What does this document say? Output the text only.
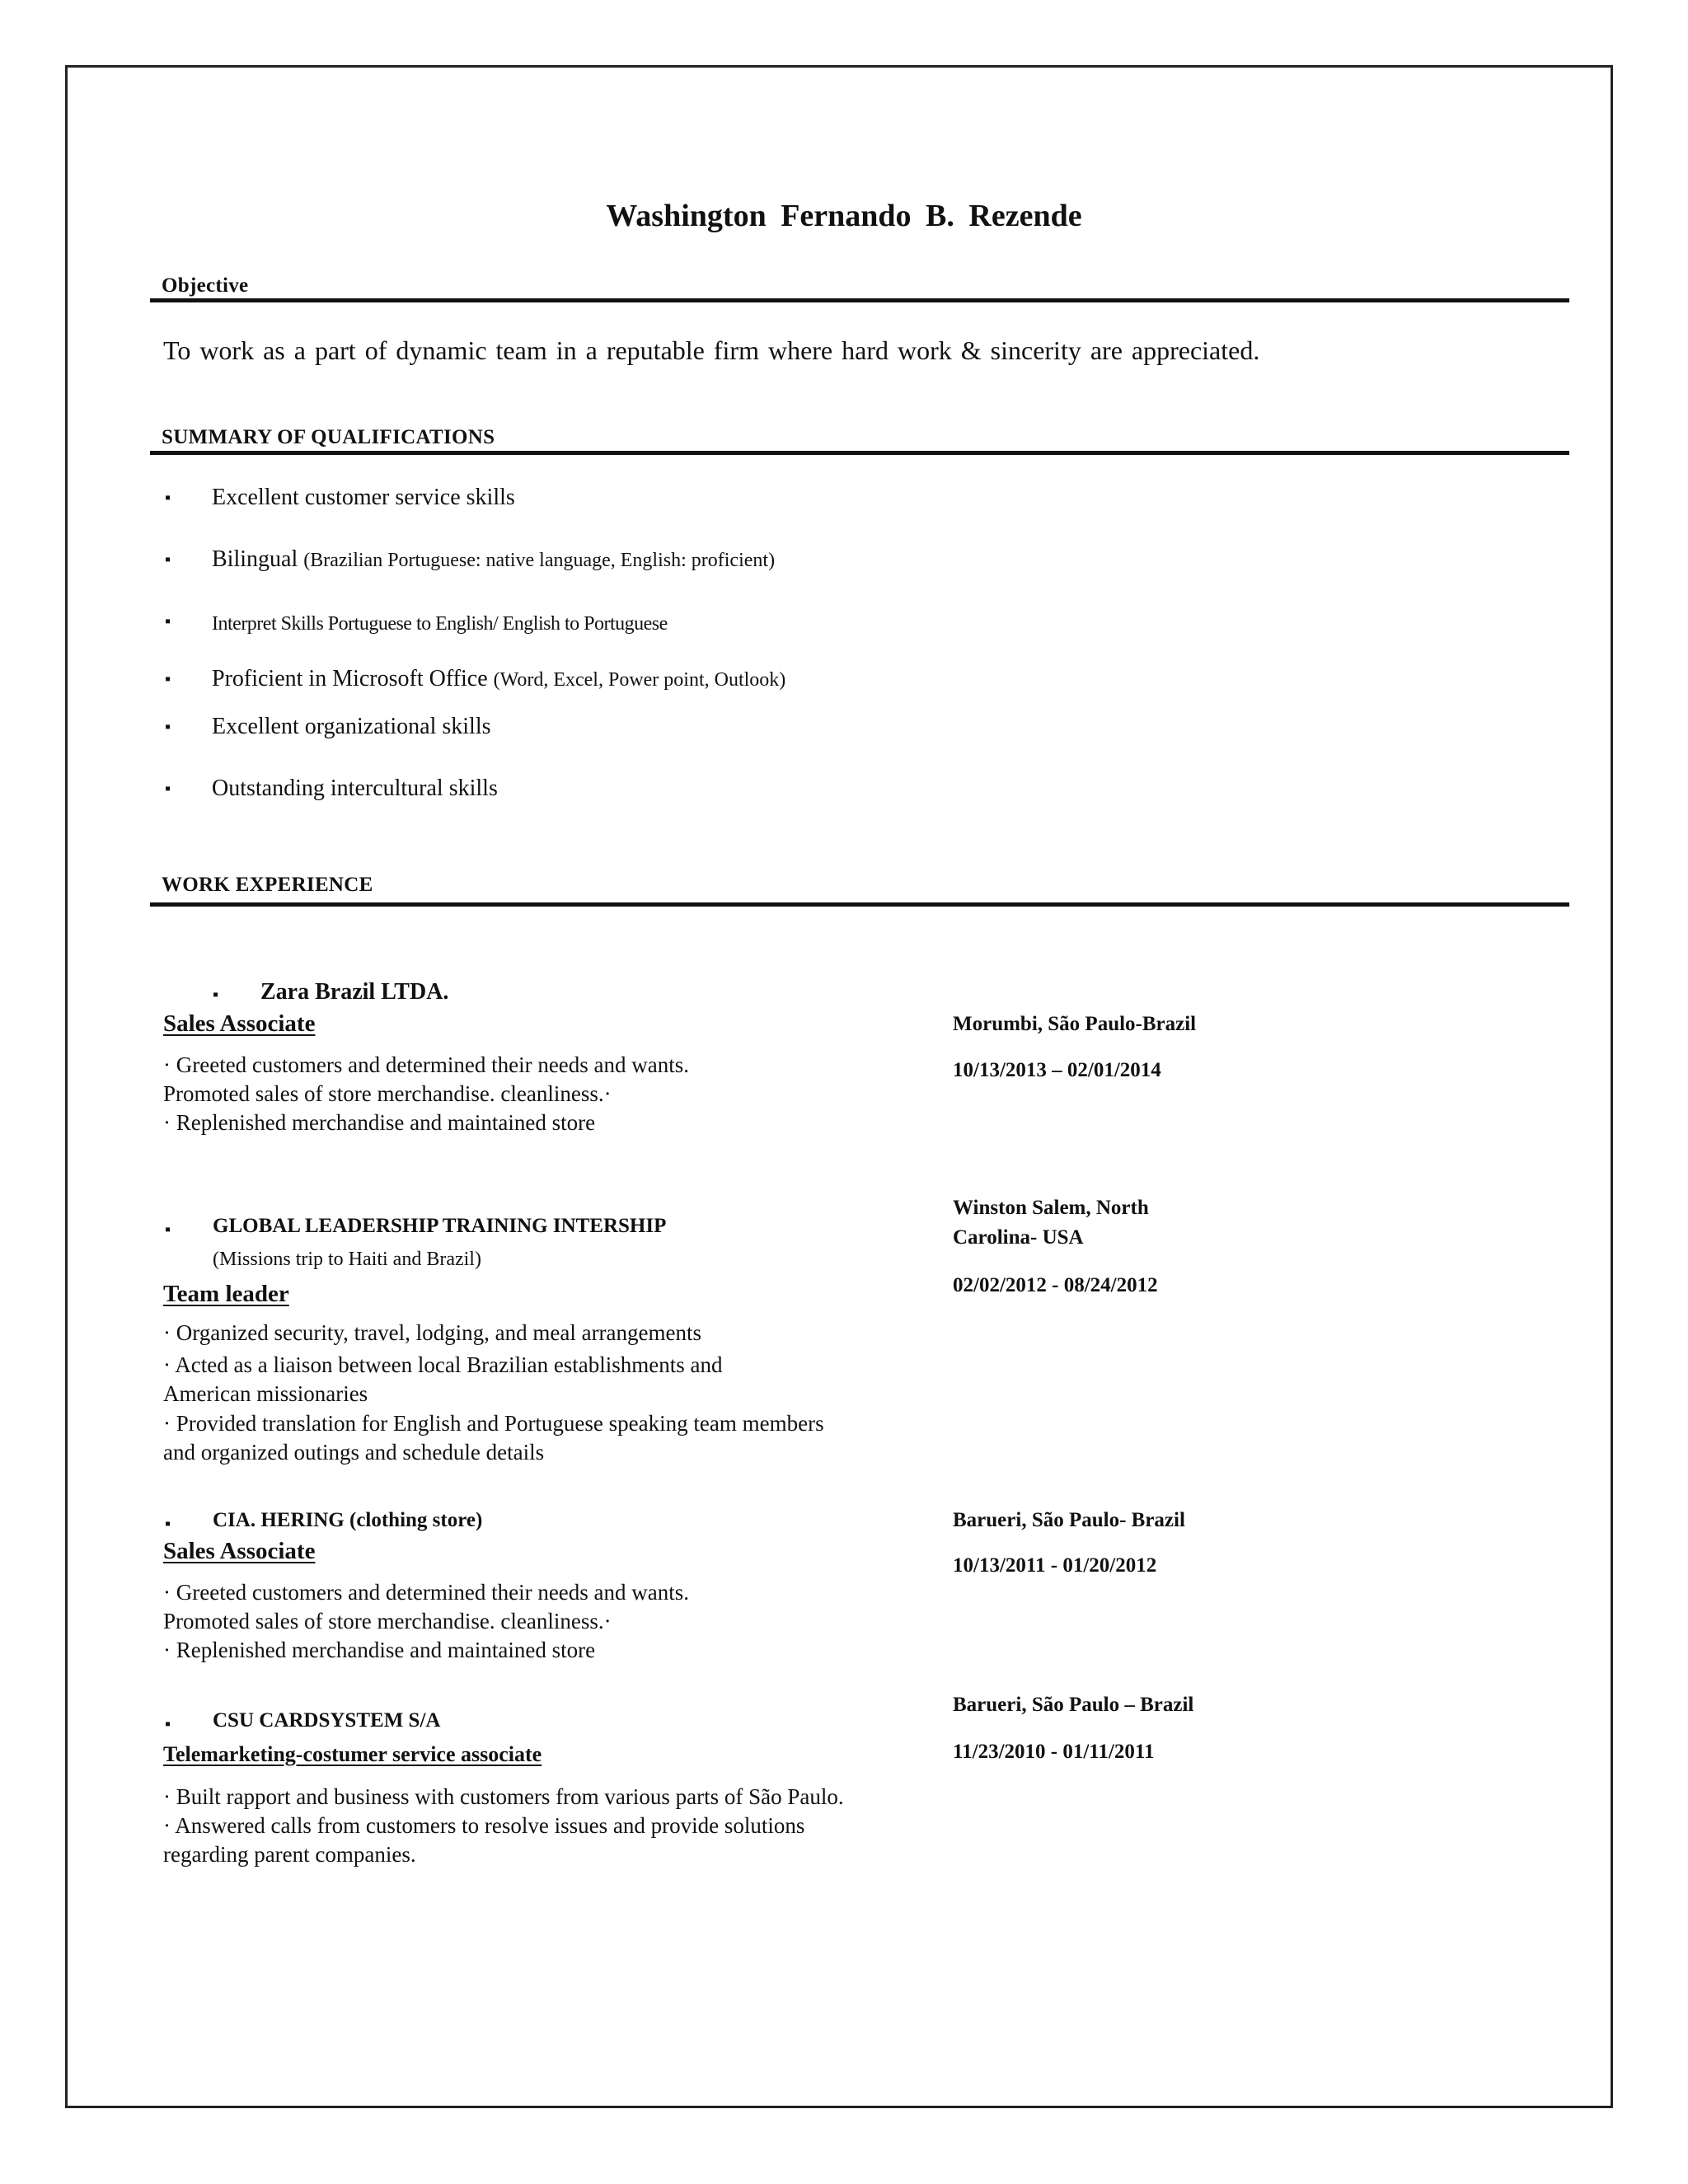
Washington Fernando B. Rezende
Objective
To work as a part of dynamic team in a reputable firm where hard work & sincerity are appreciated.
SUMMARY OF QUALIFICATIONS
▪ Excellent customer service skills
▪ Bilingual (Brazilian Portuguese: native language, English: proficient)
▪ Interpret Skills Portuguese to English/ English to Portuguese
▪ Proficient in Microsoft Office (Word, Excel, Power point, Outlook)
▪ Excellent organizational skills
▪ Outstanding intercultural skills
WORK EXPERIENCE
▪ Zara Brazil LTDA.
Sales Associate
· Greeted customers and determined their needs and wants.
Promoted sales of store merchandise. cleanliness.·
· Replenished merchandise and maintained store
Morumbi, São Paulo-Brazil
10/13/2013 – 02/01/2014
Winston Salem, North
Carolina- USA
02/02/2012 - 08/24/2012
▪ GLOBAL LEADERSHIP TRAINING INTERSHIP
(Missions trip to Haiti and Brazil)
Team leader
· Organized security, travel, lodging, and meal arrangements
· Acted as a liaison between local Brazilian establishments and
American missionaries
· Provided translation for English and Portuguese speaking team members
and organized outings and schedule details
▪ CIA. HERING (clothing store)
Sales Associate
· Greeted customers and determined their needs and wants.
Promoted sales of store merchandise. cleanliness.·
· Replenished merchandise and maintained store
Barueri, São Paulo- Brazil
10/13/2011 - 01/20/2012
Barueri, São Paulo – Brazil
11/23/2010 - 01/11/2011
▪ CSU CARDSYSTEM S/A
Telemarketing-costumer service associate
· Built rapport and business with customers from various parts of São Paulo.
· Answered calls from customers to resolve issues and provide solutions
regarding parent companies.
